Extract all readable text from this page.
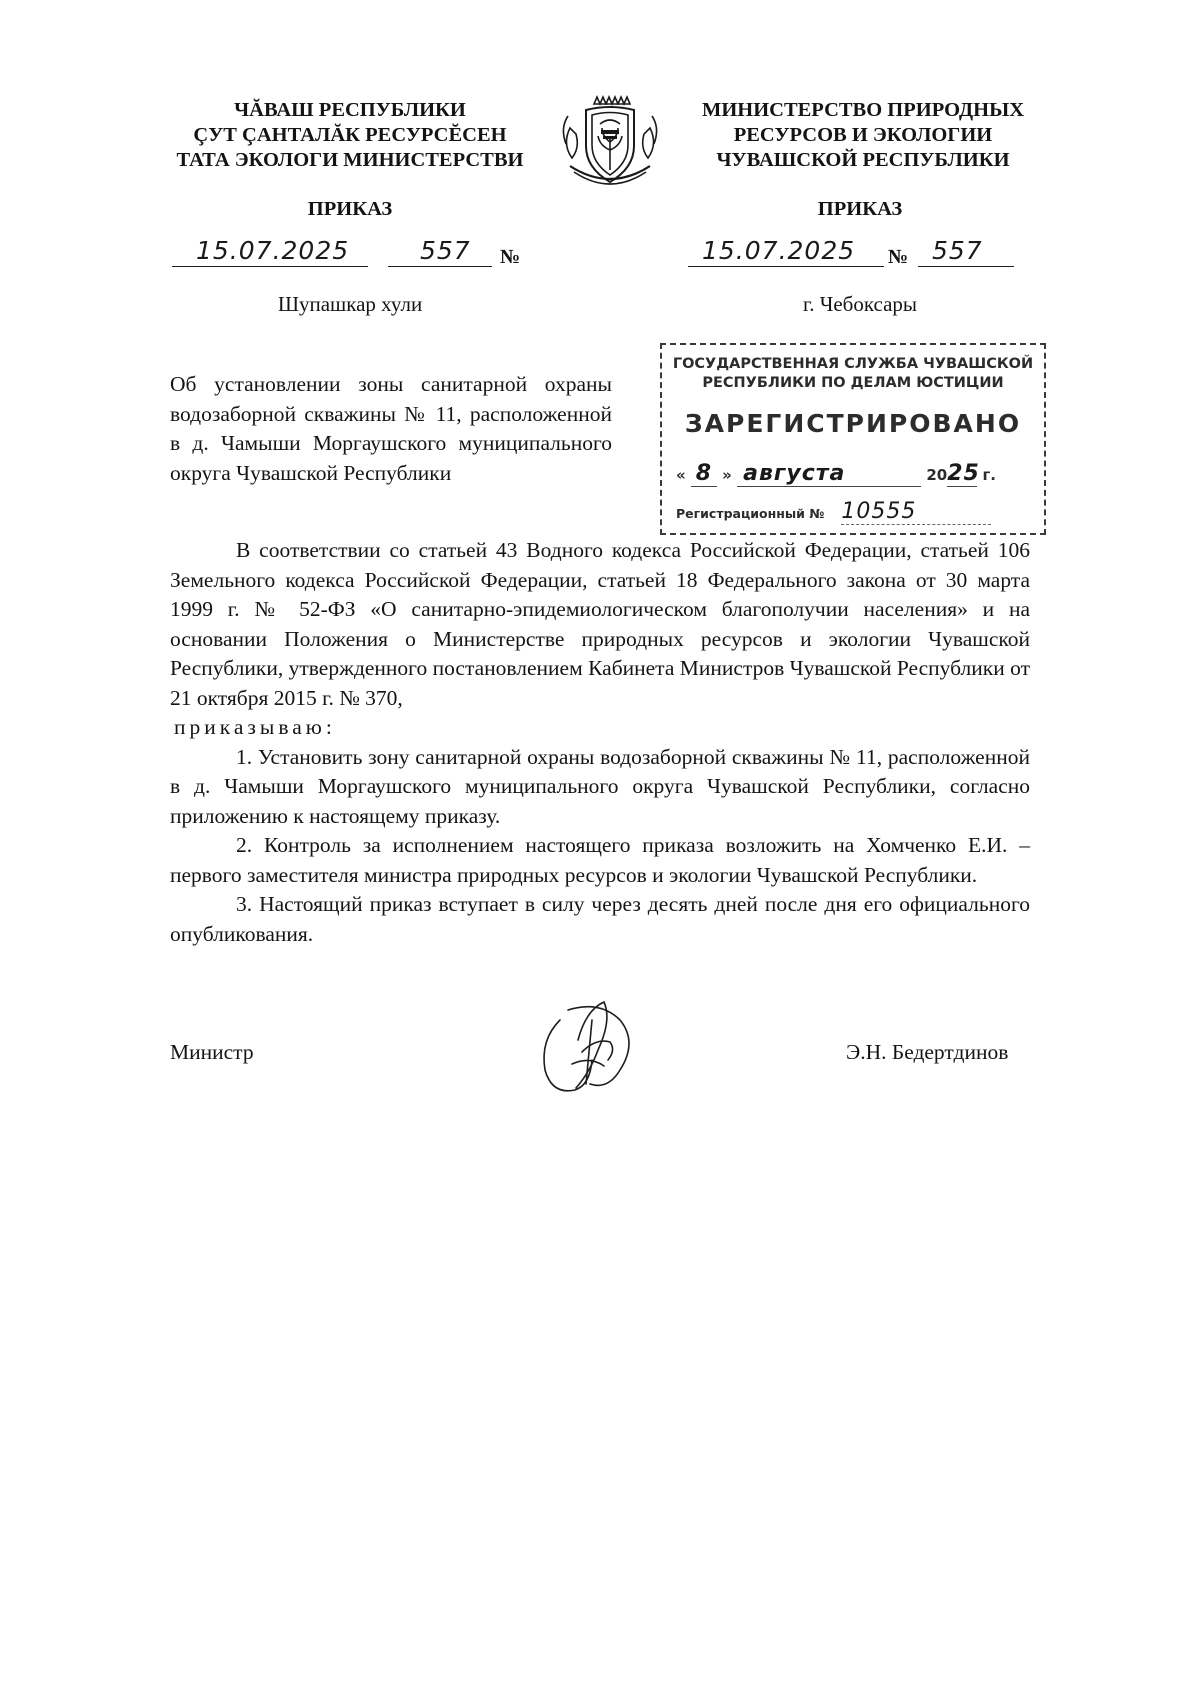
ЧĂВАШ РЕСПУБЛИКИ
ÇУТ ÇАНТАЛĂК РЕСУРСĔСЕН
ТАТА ЭКОЛОГИ МИНИСТЕРСТВИ
МИНИСТЕРСТВО ПРИРОДНЫХ
РЕСУРСОВ И ЭКОЛОГИИ
ЧУВАШСКОЙ РЕСПУБЛИКИ
ПРИКАЗ	ПРИКАЗ
15.07.2025	557 №	15.07.2025 № 557
Шупашкар хули	г. Чебоксары
ГОСУДАРСТВЕННАЯ СЛУЖБА ЧУВАШСКОЙ
РЕСПУБЛИКИ ПО ДЕЛАМ ЮСТИЦИИ
ЗАРЕГИСТРИРОВАНО
« 8 » августа	2025 г.
Регистрационный № 10555
Об установлении зоны санитарной охраны водозаборной скважины № 11, расположенной в д. Чамыши Моргаушского муниципального округа Чувашской Республики

В соответствии со статьей 43 Водного кодекса Российской Федерации, статьей 106 Земельного кодекса Российской Федерации, статьей 18 Федерального закона от 30 марта 1999 г. № 52-ФЗ «О санитарно-эпидемиологическом благополучии населения» и на основании Положения о Министерстве природных ресурсов и экологии Чувашской Республики, утвержденного постановлением Кабинета Министров Чувашской Республики от 21 октября 2015 г. № 370,

приказываю:

1. Установить зону санитарной охраны водозаборной скважины № 11, расположенной в д. Чамыши Моргаушского муниципального округа Чувашской Республики, согласно приложению к настоящему приказу.

2. Контроль за исполнением настоящего приказа возложить на Хомченко Е.И. – первого заместителя министра природных ресурсов и экологии Чувашской Республики.

3. Настоящий приказ вступает в силу через десять дней после дня его официального опубликования.

Министр	Э.Н. Бедертдинов
